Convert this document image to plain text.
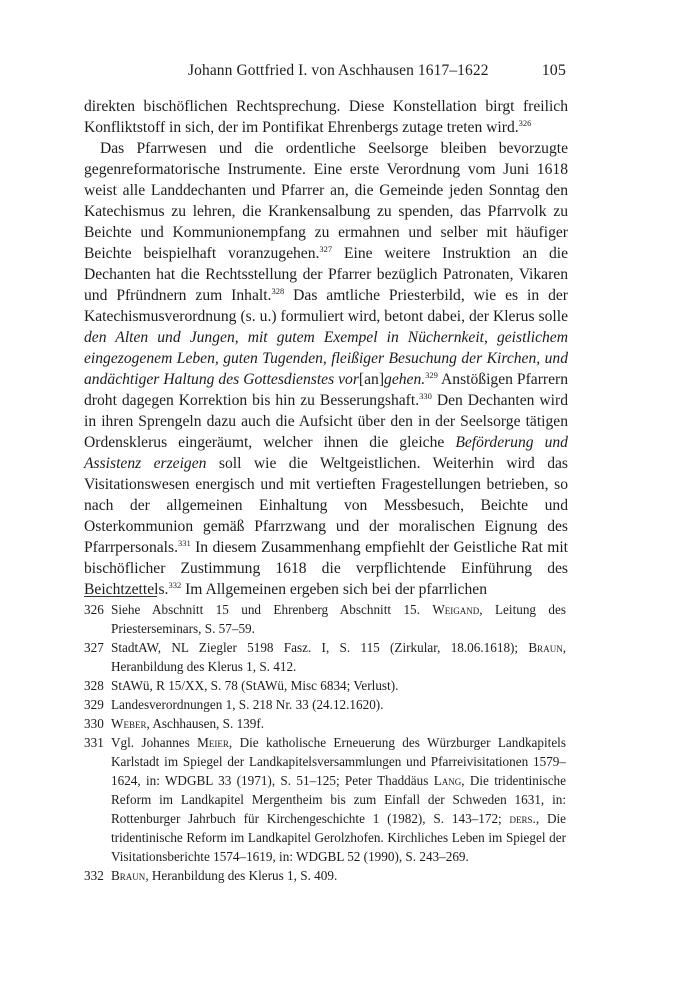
Johann Gottfried I. von Aschhausen 1617–1622	105

direkten bischöflichen Rechtsprechung. Diese Konstellation birgt freilich Konfliktstoff in sich, der im Pontifikat Ehrenbergs zutage treten wird.$^{326}$

Das Pfarrwesen und die ordentliche Seelsorge bleiben bevorzugte gegenreformatorische Instrumente. Eine erste Verordnung vom Juni 1618 weist alle Landdechanten und Pfarrer an, die Gemeinde jeden Sonntag den Katechismus zu lehren, die Krankensalbung zu spenden, das Pfarrvolk zu Beichte und Kommunionempfang zu ermahnen und selber mit häufiger Beichte beispielhaft voranzugehen.$^{327}$ Eine weitere Instruktion an die Dechanten hat die Rechtsstellung der Pfarrer bezüglich Patronaten, Vikaren und Pfründnern zum Inhalt.$^{328}$ Das amtliche Priesterbild, wie es in der Katechismusverordnung (s. u.) formuliert wird, betont dabei, der Klerus solle den Alten und Jungen, mit gutem Exempel in Nüchernkeit, geistlichem eingezogenem Leben, guten Tugenden, fleißiger Besuchung der Kirchen, und andächtiger Haltung des Gottesdienstes vor[an]gehen.$^{329}$ Anstößigen Pfarrern droht dagegen Korrektion bis hin zu Besserungshaft.$^{330}$ Den Dechanten wird in ihren Sprengeln dazu auch die Aufsicht über den in der Seelsorge tätigen Ordensklerus eingeräumt, welcher ihnen die gleiche Beförderung und Assistenz erzeigen soll wie die Weltgeistlichen. Weiterhin wird das Visitationswesen energisch und mit vertieften Fragestellungen betrieben, so nach der allgemeinen Einhaltung von Messbesuch, Beichte und Osterkommunion gemäß Pfarrzwang und der moralischen Eignung des Pfarrpersonals.$^{331}$ In diesem Zusammenhang empfiehlt der Geistliche Rat mit bischöflicher Zustimmung 1618 die verpflichtende Einführung des Beichtzettels.$^{332}$ Im Allgemeinen ergeben sich bei der pfarrlichen

326 Siehe Abschnitt 15 und Ehrenberg Abschnitt 15. Weigand, Leitung des Priesterseminars, S. 57–59.
327 StadtAW, NL Ziegler 5198 Fasz. I, S. 115 (Zirkular, 18.06.1618); Braun, Heranbildung des Klerus 1, S. 412.
328 StAWü, R 15/XX, S. 78 (StAWü, Misc 6834; Verlust).
329 Landesverordnungen 1, S. 218 Nr. 33 (24.12.1620).
330 Weber, Aschhausen, S. 139f.
331 Vgl. Johannes Meier, Die katholische Erneuerung des Würzburger Landkapitels Karlstadt im Spiegel der Landkapitelsversammlungen und Pfarreivisitationen 1579–1624, in: WDGBL 33 (1971), S. 51–125; Peter Thaddäus Lang, Die tridentinische Reform im Landkapitel Mergentheim bis zum Einfall der Schweden 1631, in: Rottenburger Jahrbuch für Kirchengeschichte 1 (1982), S. 143–172; ders., Die tridentinische Reform im Landkapitel Gerolzhofen. Kirchliches Leben im Spiegel der Visitationsberichte 1574–1619, in: WDGBL 52 (1990), S. 243–269.
332 Braun, Heranbildung des Klerus 1, S. 409.
